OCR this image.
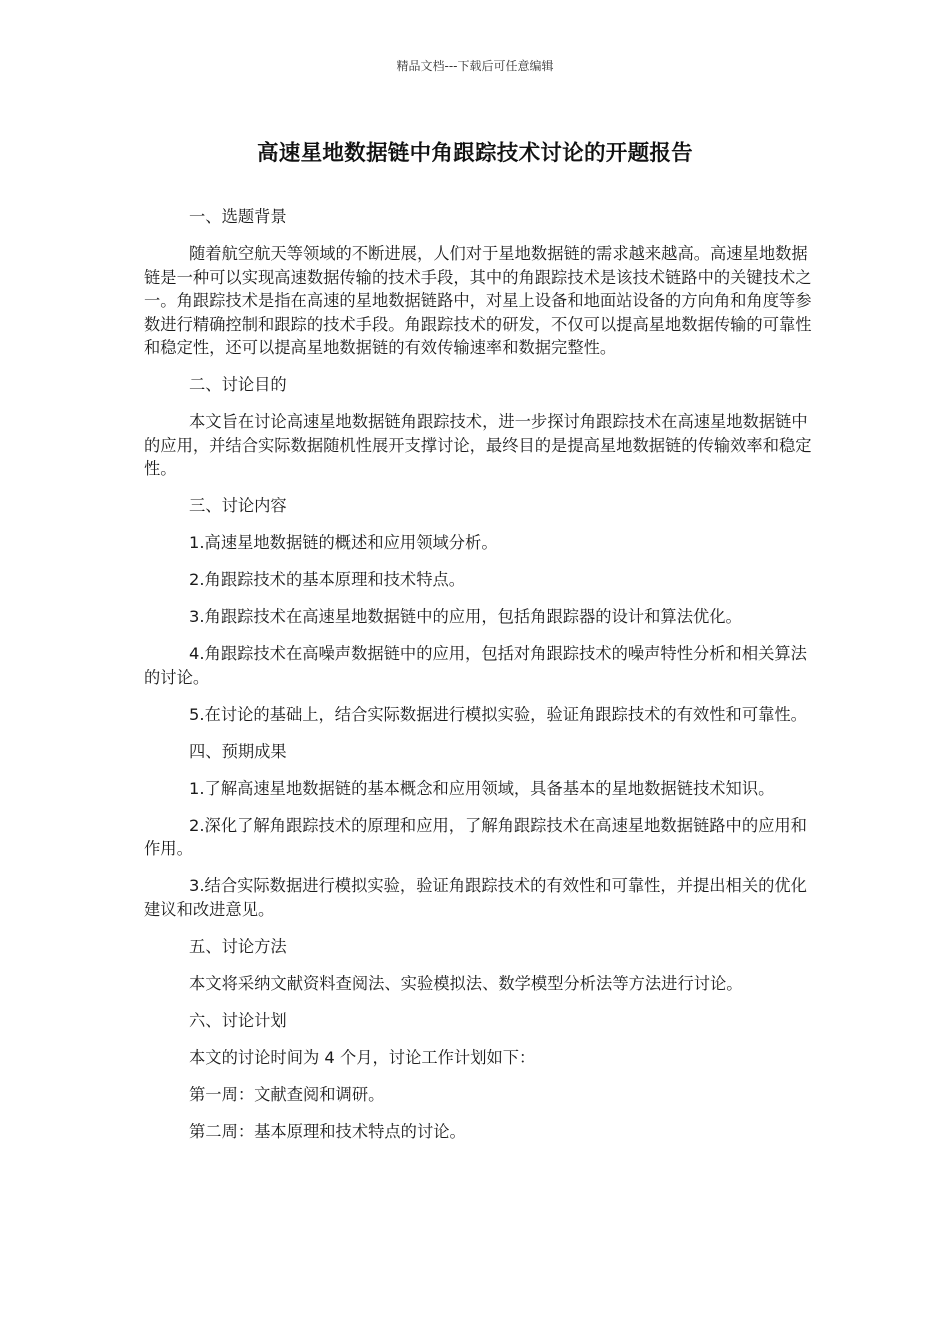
精品文档---下载后可任意编辑
高速星地数据链中角跟踪技术讨论的开题报告

一、选题背景

随着航空航天等领域的不断进展，人们对于星地数据链的需求越来越高。高速星地数据链是一种可以实现高速数据传输的技术手段，其中的角跟踪技术是该技术链路中的关键技术之一。角跟踪技术是指在高速的星地数据链路中，对星上设备和地面站设备的方向角和角度等参数进行精确控制和跟踪的技术手段。角跟踪技术的研发，不仅可以提高星地数据传输的可靠性和稳定性，还可以提高星地数据链的有效传输速率和数据完整性。

二、讨论目的

本文旨在讨论高速星地数据链角跟踪技术，进一步探讨角跟踪技术在高速星地数据链中的应用，并结合实际数据随机性展开支撑讨论，最终目的是提高星地数据链的传输效率和稳定性。

三、讨论内容

1.高速星地数据链的概述和应用领域分析。

2.角跟踪技术的基本原理和技术特点。

3.角跟踪技术在高速星地数据链中的应用，包括角跟踪器的设计和算法优化。

4.角跟踪技术在高噪声数据链中的应用，包括对角跟踪技术的噪声特性分析和相关算法的讨论。

5.在讨论的基础上，结合实际数据进行模拟实验，验证角跟踪技术的有效性和可靠性。

四、预期成果

1.了解高速星地数据链的基本概念和应用领域，具备基本的星地数据链技术知识。

2.深化了解角跟踪技术的原理和应用，了解角跟踪技术在高速星地数据链路中的应用和作用。

3.结合实际数据进行模拟实验，验证角跟踪技术的有效性和可靠性，并提出相关的优化建议和改进意见。

五、讨论方法

本文将采纳文献资料查阅法、实验模拟法、数学模型分析法等方法进行讨论。

六、讨论计划

本文的讨论时间为 4 个月，讨论工作计划如下：

第一周：文献查阅和调研。

第二周：基本原理和技术特点的讨论。
